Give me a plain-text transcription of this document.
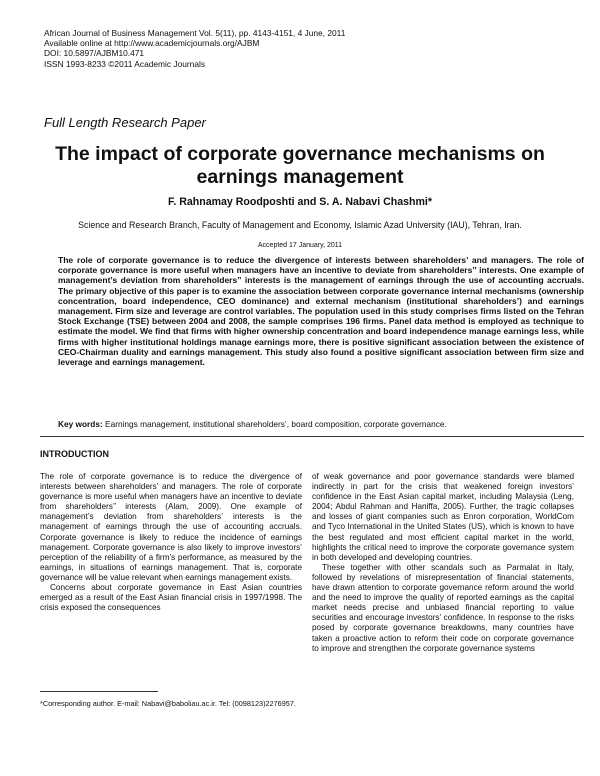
African Journal of Business Management Vol. 5(11), pp. 4143-4151, 4 June, 2011
Available online at http://www.academicjournals.org/AJBM
DOI: 10.5897/AJBM10.471
ISSN 1993-8233 ©2011 Academic Journals
Full Length Research Paper
The impact of corporate governance mechanisms on earnings management
F. Rahnamay Roodposhti and S. A. Nabavi Chashmi*
Science and Research Branch, Faculty of Management and Economy, Islamic Azad University (IAU), Tehran, Iran.
Accepted 17 January, 2011
The role of corporate governance is to reduce the divergence of interests between shareholders’ and managers. The role of corporate governance is more useful when managers have an incentive to deviate from shareholders’’ interests. One example of management’s deviation from shareholders” interests is the management of earnings through the use of accounting accruals. The primary objective of this paper is to examine the association between corporate governance internal mechanisms (ownership concentration, board independence, CEO dominance) and external mechanism (institutional shareholders’) and earnings management. Firm size and leverage are control variables. The population used in this study comprises firms listed on the Tehran Stock Exchange (TSE) between 2004 and 2008, the sample comprises 196 firms. Panel data method is employed as technique to estimate the model. We find that firms with higher ownership concentration and board independence manage earnings less, while firms with higher institutional holdings manage earnings more, there is positive significant association between the existence of CEO-Chairman duality and earnings management. This study also found a positive significant association between firm size and leverage and earnings management.
Key words: Earnings management, institutional shareholders’, board composition, corporate governance.
INTRODUCTION

The role of corporate governance is to reduce the divergence of interests between shareholders’ and managers. The role of corporate governance is more useful when managers have an incentive to deviate from shareholders’’ interests (Alam, 2009). One example of management’s deviation from shareholders’ interests is the management of earnings through the use of accounting accruals. Corporate governance is likely to reduce the incidence of earnings management. Corporate governance is also likely to improve investors’ perception of the reliability of a firm’s performance, as measured by the earnings, in situations of earnings management. That is, corporate governance will be value relevant when earnings management exists.

Concerns about corporate governance in East Asian countries emerged as a result of the East Asian financial crisis in 1997/1998. The crisis exposed the consequences

of weak governance and poor governance standards were blamed indirectly in part for the crisis that weakened foreign investors’ confidence in the East Asian capital market, including Malaysia (Leng, 2004; Abdul Rahman and Haniffa, 2005). Further, the tragic collapses and losses of giant companies such as Enron corporation, WorldCom and Tyco International in the United States (US), which is known to have the best regulated and most efficient capital market in the world, highlights the critical need to improve the corporate governance system in both developed and developing countries.

These together with other scandals such as Parmalat in Italy, followed by revelations of misrepresentation of financial statements, have drawn attention to corporate governance reform around the world and the need to improve the quality of reported earnings as the capital market needs precise and unbiased financial reporting to value securities and encourage investors’ confidence. In response to the risks posed by corporate governance breakdowns, many countries have taken a proactive action to reform their code on corporate governance to improve and strengthen the corporate governance systems

*Corresponding author. E-mail: Nabavi@baboliau.ac.ir. Tel: (0098123)2276957.
